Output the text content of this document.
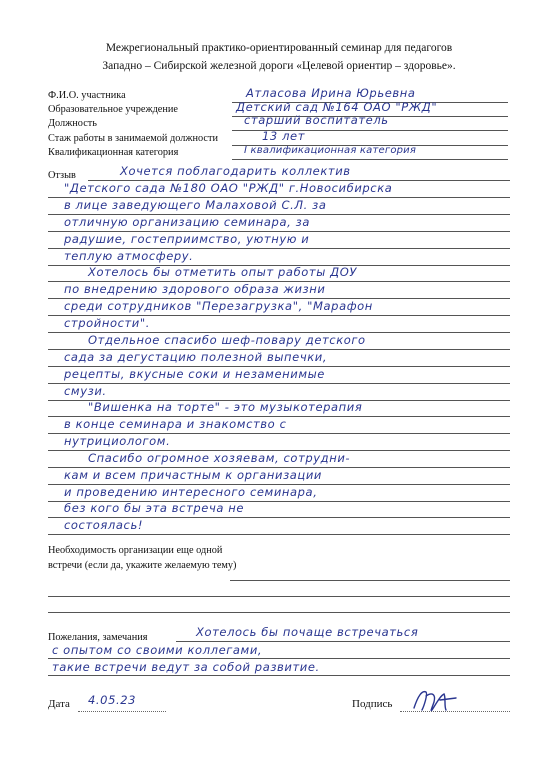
Межрегиональный практико-ориентированный семинар для педагогов
Западно – Сибирской железной дороги «Целевой ориентир – здоровье».
Ф.И.О. участника	Атласова Ирина Юрьевна
Образовательное учреждение	Детский сад №164 ОАО "РЖД"
Должность	старший воспитатель
Стаж работы в занимаемой должности	13 лет
Квалификационная категория	I квалификационная категория
Отзыв	Хочется поблагодарить коллектив
"Детского сада №180 ОАО "РЖД" г.Новосибирска
в лице заведующего Малаховой С.Л. за
отличную организацию семинара, за
радушие, гостеприимство, уютную и
теплую атмосферу.
Хотелось бы отметить опыт работы ДОУ
по внедрению здорового образа жизни
среди сотрудников "Перезагрузка", "Марафон
стройности".
Отдельное спасибо шеф-повару детского
сада за дегустацию полезной выпечки,
рецепты, вкусные соки и незаменимые
смузи.
"Вишенка на торте" - это музыкотерапия
в конце семинара и знакомство с
нутрициологом.
Спасибо огромное хозяевам, сотрудни-
кам и всем причастным к организации
и проведению интересного семинара,
без кого бы эта встреча не
состоялась!
Необходимость организации еще одной встречи (если да, укажите желаемую тему)
Пожелания, замечания	Хотелось бы почаще встречаться
с опытом со своими коллегами,
такие встречи ведут за собой развитие.
Дата 4.05.23	Подпись
